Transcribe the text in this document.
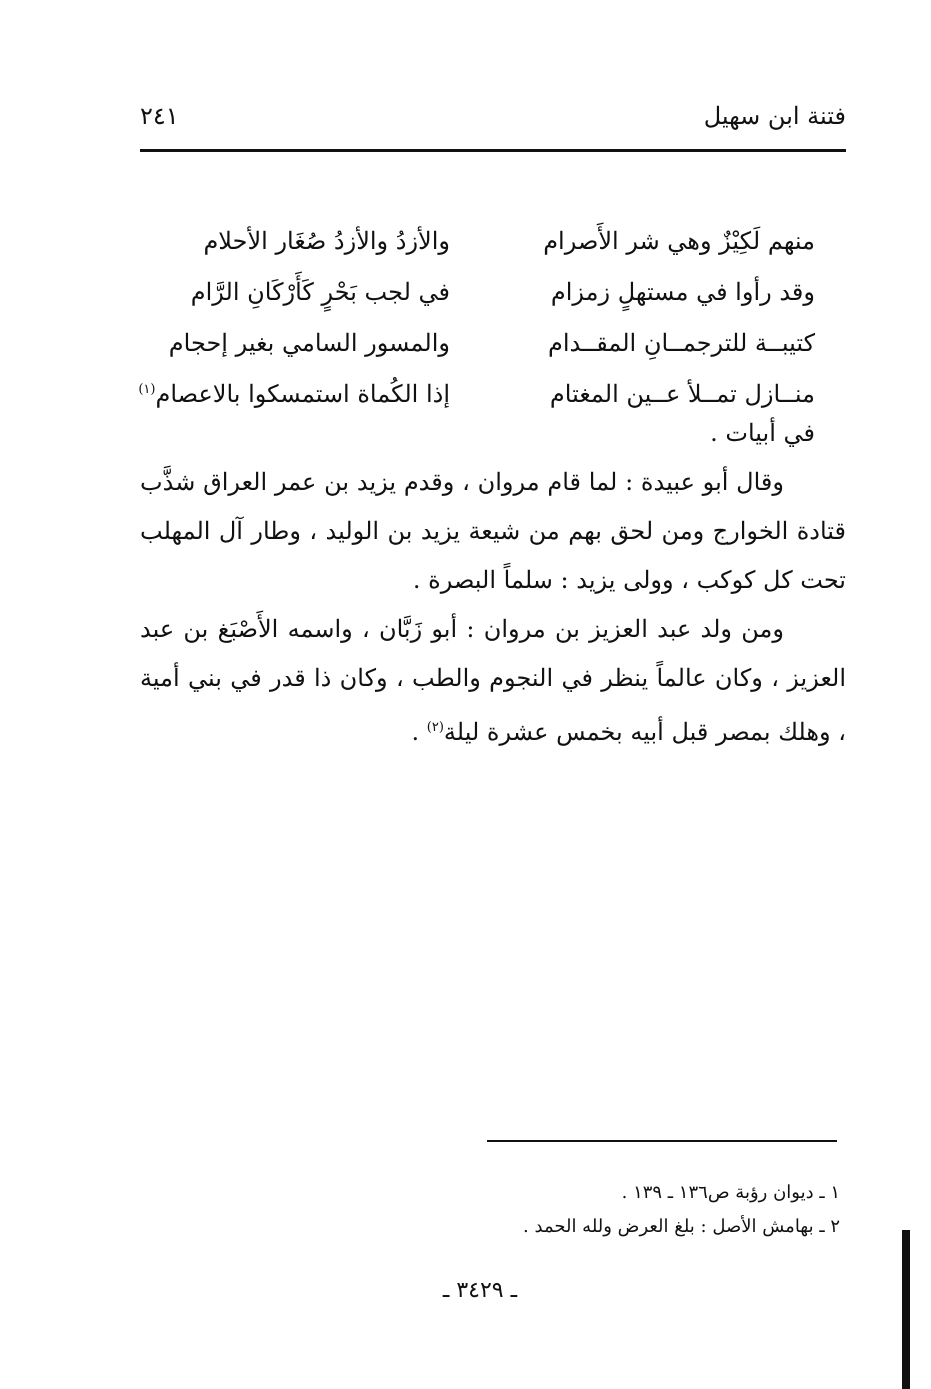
فتنة ابن سهيل
٢٤١
منهم لَكِيْزٌ وهي شر الأَصرام
والأزدُ والأزدُ صُغَار الأحلام
وقد رأوا في مستهلٍ زمزام
في لجب بَحْرٍ كَأَرْكَانِ الرَّام
كتيبــة للترجمــانِ المقــدام
والمسور السامي بغير إحجام
منــازل تمــلأ عــين المغتام
إذا الكُماة استمسكوا بالاعصام$^{(١)}$
في أبيات .

وقال أبو عبيدة : لما قام مروان ، وقدم يزيد بن عمر العراق شذَّب قتادة الخوارج ومن لحق بهم من شيعة يزيد بن الوليد ، وطار آل المهلب تحت كل كوكب ، وولى يزيد : سلماً البصرة .

ومن ولد عبد العزيز بن مروان : أبو زَبَّان ، واسمه الأَصْبَغ بن عبد العزيز ، وكان عالماً ينظر في النجوم والطب ، وكان ذا قدر في بني أمية ، وهلك بمصر قبل أبيه بخمس عشرة ليلة$^{(٢)}$ .

١ ـ ديوان رؤبة ص١٣٦ ـ ١٣٩ .
٢ ـ بهامش الأصل : بلغ العرض ولله الحمد .
ـ ٣٤٢٩ ـ
